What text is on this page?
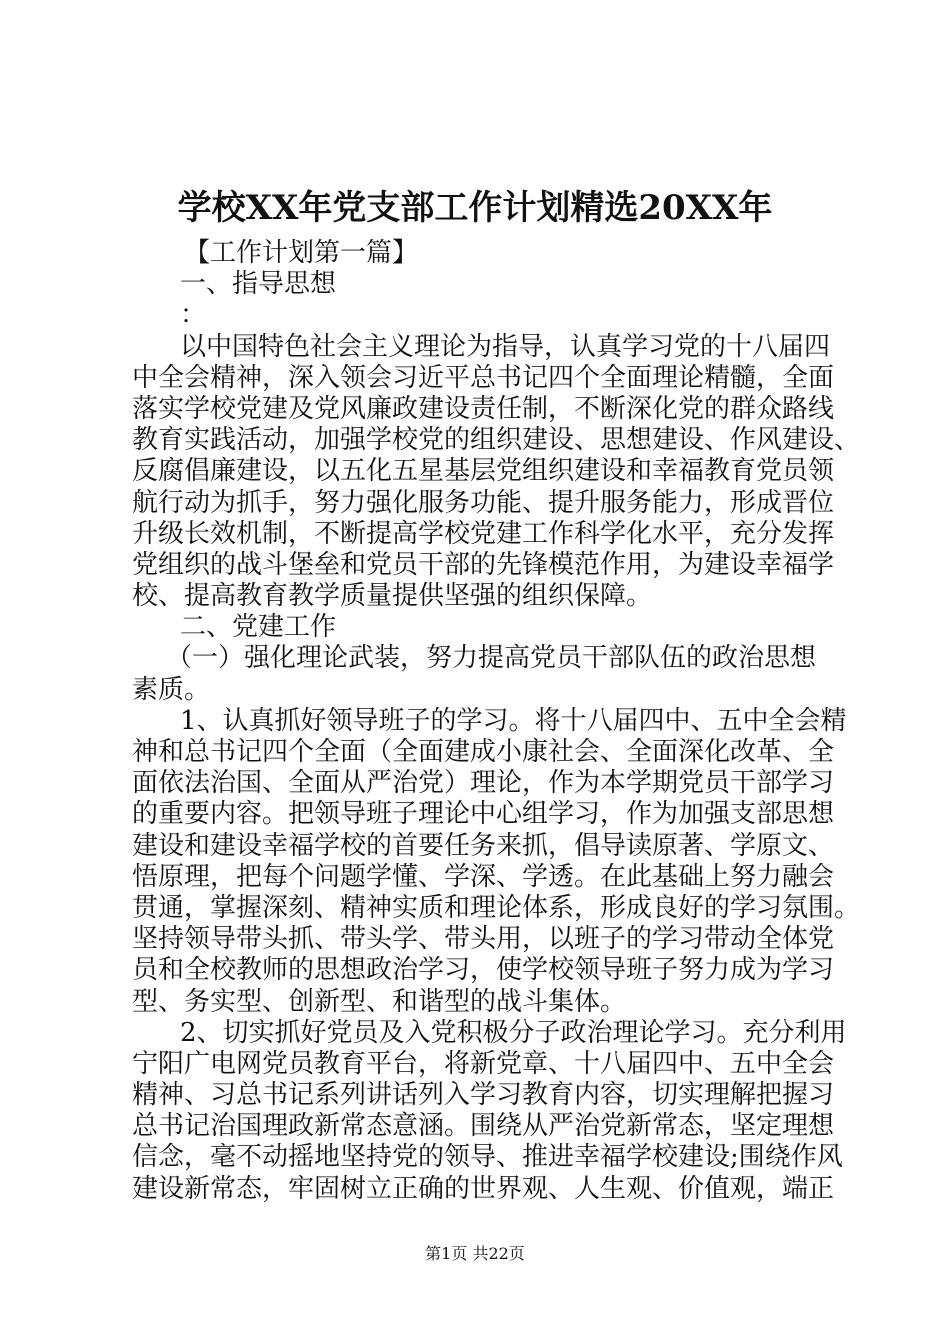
学校XX年党支部工作计划精选20XX年
【工作计划第一篇】
一、指导思想
：
以中国特色社会主义理论为指导，认真学习党的十八届四
中全会精神，深入领会习近平总书记四个全面理论精髓，全面
落实学校党建及党风廉政建设责任制，不断深化党的群众路线
教育实践活动，加强学校党的组织建设、思想建设、作风建设、
反腐倡廉建设，以五化五星基层党组织建设和幸福教育党员领
航行动为抓手，努力强化服务功能、提升服务能力，形成晋位
升级长效机制，不断提高学校党建工作科学化水平，充分发挥
党组织的战斗堡垒和党员干部的先锋模范作用，为建设幸福学
校、提高教育教学质量提供坚强的组织保障。
二、党建工作
（一）强化理论武装，努力提高党员干部队伍的政治思想
素质。
1、认真抓好领导班子的学习。将十八届四中、五中全会精
神和总书记四个全面（全面建成小康社会、全面深化改革、全
面依法治国、全面从严治党）理论，作为本学期党员干部学习
的重要内容。把领导班子理论中心组学习，作为加强支部思想
建设和建设幸福学校的首要任务来抓，倡导读原著、学原文、
悟原理，把每个问题学懂、学深、学透。在此基础上努力融会
贯通，掌握深刻、精神实质和理论体系，形成良好的学习氛围。
坚持领导带头抓、带头学、带头用，以班子的学习带动全体党
员和全校教师的思想政治学习，使学校领导班子努力成为学习
型、务实型、创新型、和谐型的战斗集体。
2、切实抓好党员及入党积极分子政治理论学习。充分利用
宁阳广电网党员教育平台，将新党章、十八届四中、五中全会
精神、习总书记系列讲话列入学习教育内容，切实理解把握习
总书记治国理政新常态意涵。围绕从严治党新常态，坚定理想
信念，毫不动摇地坚持党的领导、推进幸福学校建设;围绕作风
建设新常态，牢固树立正确的世界观、人生观、价值观，端正
第1页 共22页
